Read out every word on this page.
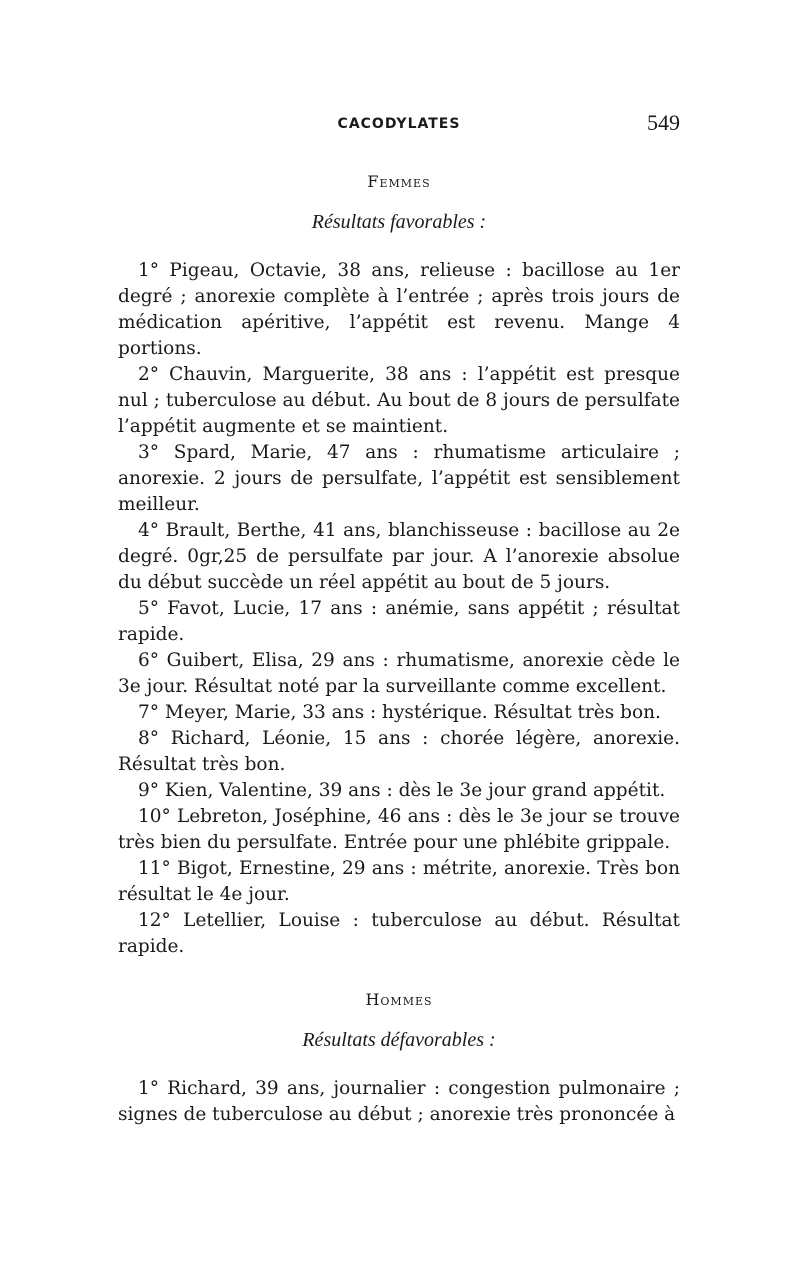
CACODYLATES	549
Femmes
Résultats favorables :

1° Pigeau, Octavie, 38 ans, relieuse : bacillose au 1er degré ; anorexie complète à l’entrée ; après trois jours de médication apéritive, l’appétit est revenu. Mange 4 portions.

2° Chauvin, Marguerite, 38 ans : l’appétit est presque nul ; tuberculose au début. Au bout de 8 jours de persulfate l’appétit augmente et se maintient.

3° Spard, Marie, 47 ans : rhumatisme articulaire ; anorexie. 2 jours de persulfate, l’appétit est sensiblement meilleur.

4° Brault, Berthe, 41 ans, blanchisseuse : bacillose au 2e degré. 0gr,25 de persulfate par jour. A l’anorexie absolue du début succède un réel appétit au bout de 5 jours.

5° Favot, Lucie, 17 ans : anémie, sans appétit ; résultat rapide.

6° Guibert, Elisa, 29 ans : rhumatisme, anorexie cède le 3e jour. Résultat noté par la surveillante comme excellent.

7° Meyer, Marie, 33 ans : hystérique. Résultat très bon.

8° Richard, Léonie, 15 ans : chorée légère, anorexie. Résultat très bon.

9° Kien, Valentine, 39 ans : dès le 3e jour grand appétit.

10° Lebreton, Joséphine, 46 ans : dès le 3e jour se trouve très bien du persulfate. Entrée pour une phlébite grippale.

11° Bigot, Ernestine, 29 ans : métrite, anorexie. Très bon résultat le 4e jour.

12° Letellier, Louise : tuberculose au début. Résultat rapide.

Hommes
Résultats défavorables :

1° Richard, 39 ans, journalier : congestion pulmonaire ; signes de tuberculose au début ; anorexie très prononcée à
